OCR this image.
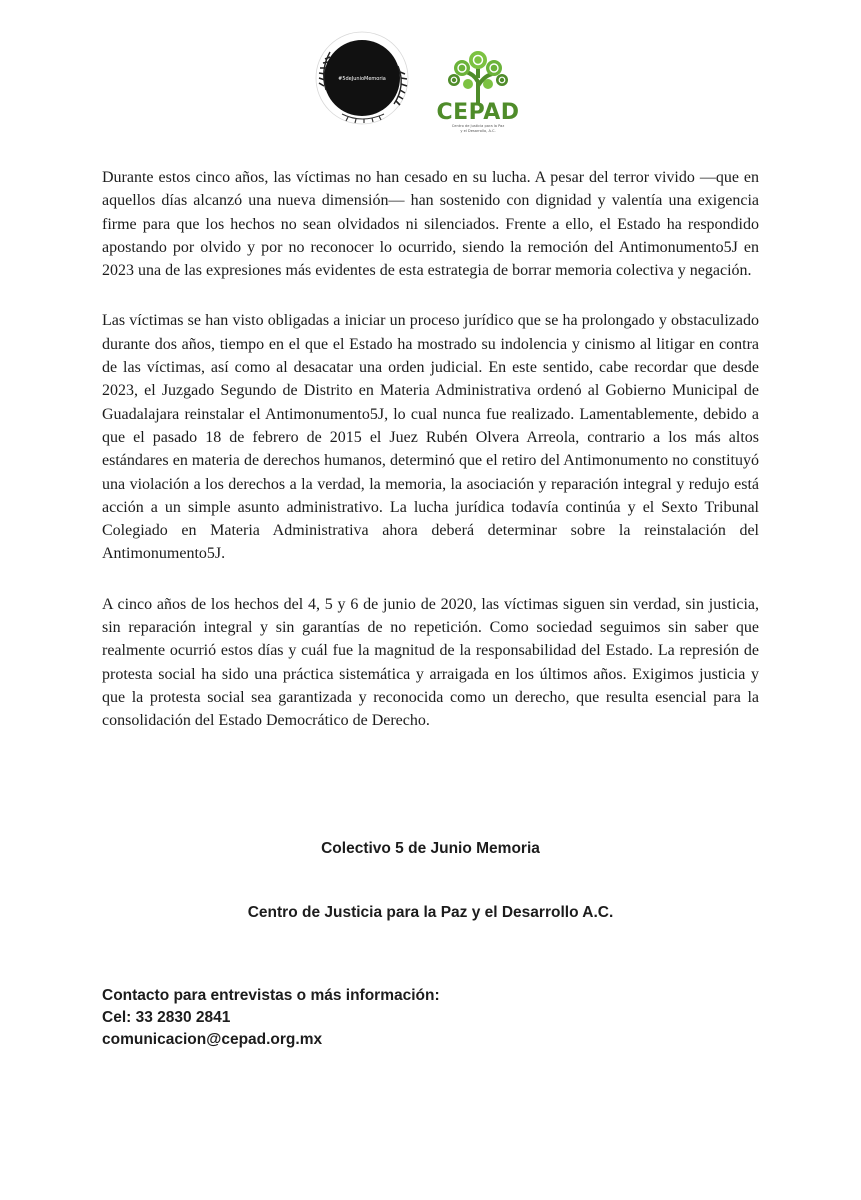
#5deJunioMemoria
CEPAD
Centro de Justicia para la Paz
y el Desarrollo, A.C.

Durante estos cinco años, las víctimas no han cesado en su lucha. A pesar del terror vivido —que en aquellos días alcanzó una nueva dimensión— han sostenido con dignidad y valentía una exigencia firme para que los hechos no sean olvidados ni silenciados. Frente a ello, el Estado ha respondido apostando por olvido y por no reconocer lo ocurrido, siendo la remoción del Antimonumento5J en 2023 una de las expresiones más evidentes de esta estrategia de borrar memoria colectiva y negación.

Las víctimas se han visto obligadas a iniciar un proceso jurídico que se ha prolongado y obstaculizado durante dos años, tiempo en el que el Estado ha mostrado su indolencia y cinismo al litigar en contra de las víctimas, así como al desacatar una orden judicial. En este sentido, cabe recordar que desde 2023, el Juzgado Segundo de Distrito en Materia Administrativa ordenó al Gobierno Municipal de Guadalajara reinstalar el Antimonumento5J, lo cual nunca fue realizado. Lamentablemente, debido a que el pasado 18 de febrero de 2015 el Juez Rubén Olvera Arreola, contrario a los más altos estándares en materia de derechos humanos, determinó que el retiro del Antimonumento no constituyó una violación a los derechos a la verdad, la memoria, la asociación y reparación integral y redujo está acción a un simple asunto administrativo. La lucha jurídica todavía continúa y el Sexto Tribunal Colegiado en Materia Administrativa ahora deberá determinar sobre la reinstalación del Antimonumento5J.

A cinco años de los hechos del 4, 5 y 6 de junio de 2020, las víctimas siguen sin verdad, sin justicia, sin reparación integral y sin garantías de no repetición. Como sociedad seguimos sin saber que realmente ocurrió estos días y cuál fue la magnitud de la responsabilidad del Estado. La represión de protesta social ha sido una práctica sistemática y arraigada en los últimos años. Exigimos justicia y que la protesta social sea garantizada y reconocida como un derecho, que resulta esencial para la consolidación del Estado Democrático de Derecho.

Colectivo 5 de Junio Memoria
Centro de Justicia para la Paz y el Desarrollo A.C.
Contacto para entrevistas o más información:
Cel: 33 2830 2841
comunicacion@cepad.org.mx
